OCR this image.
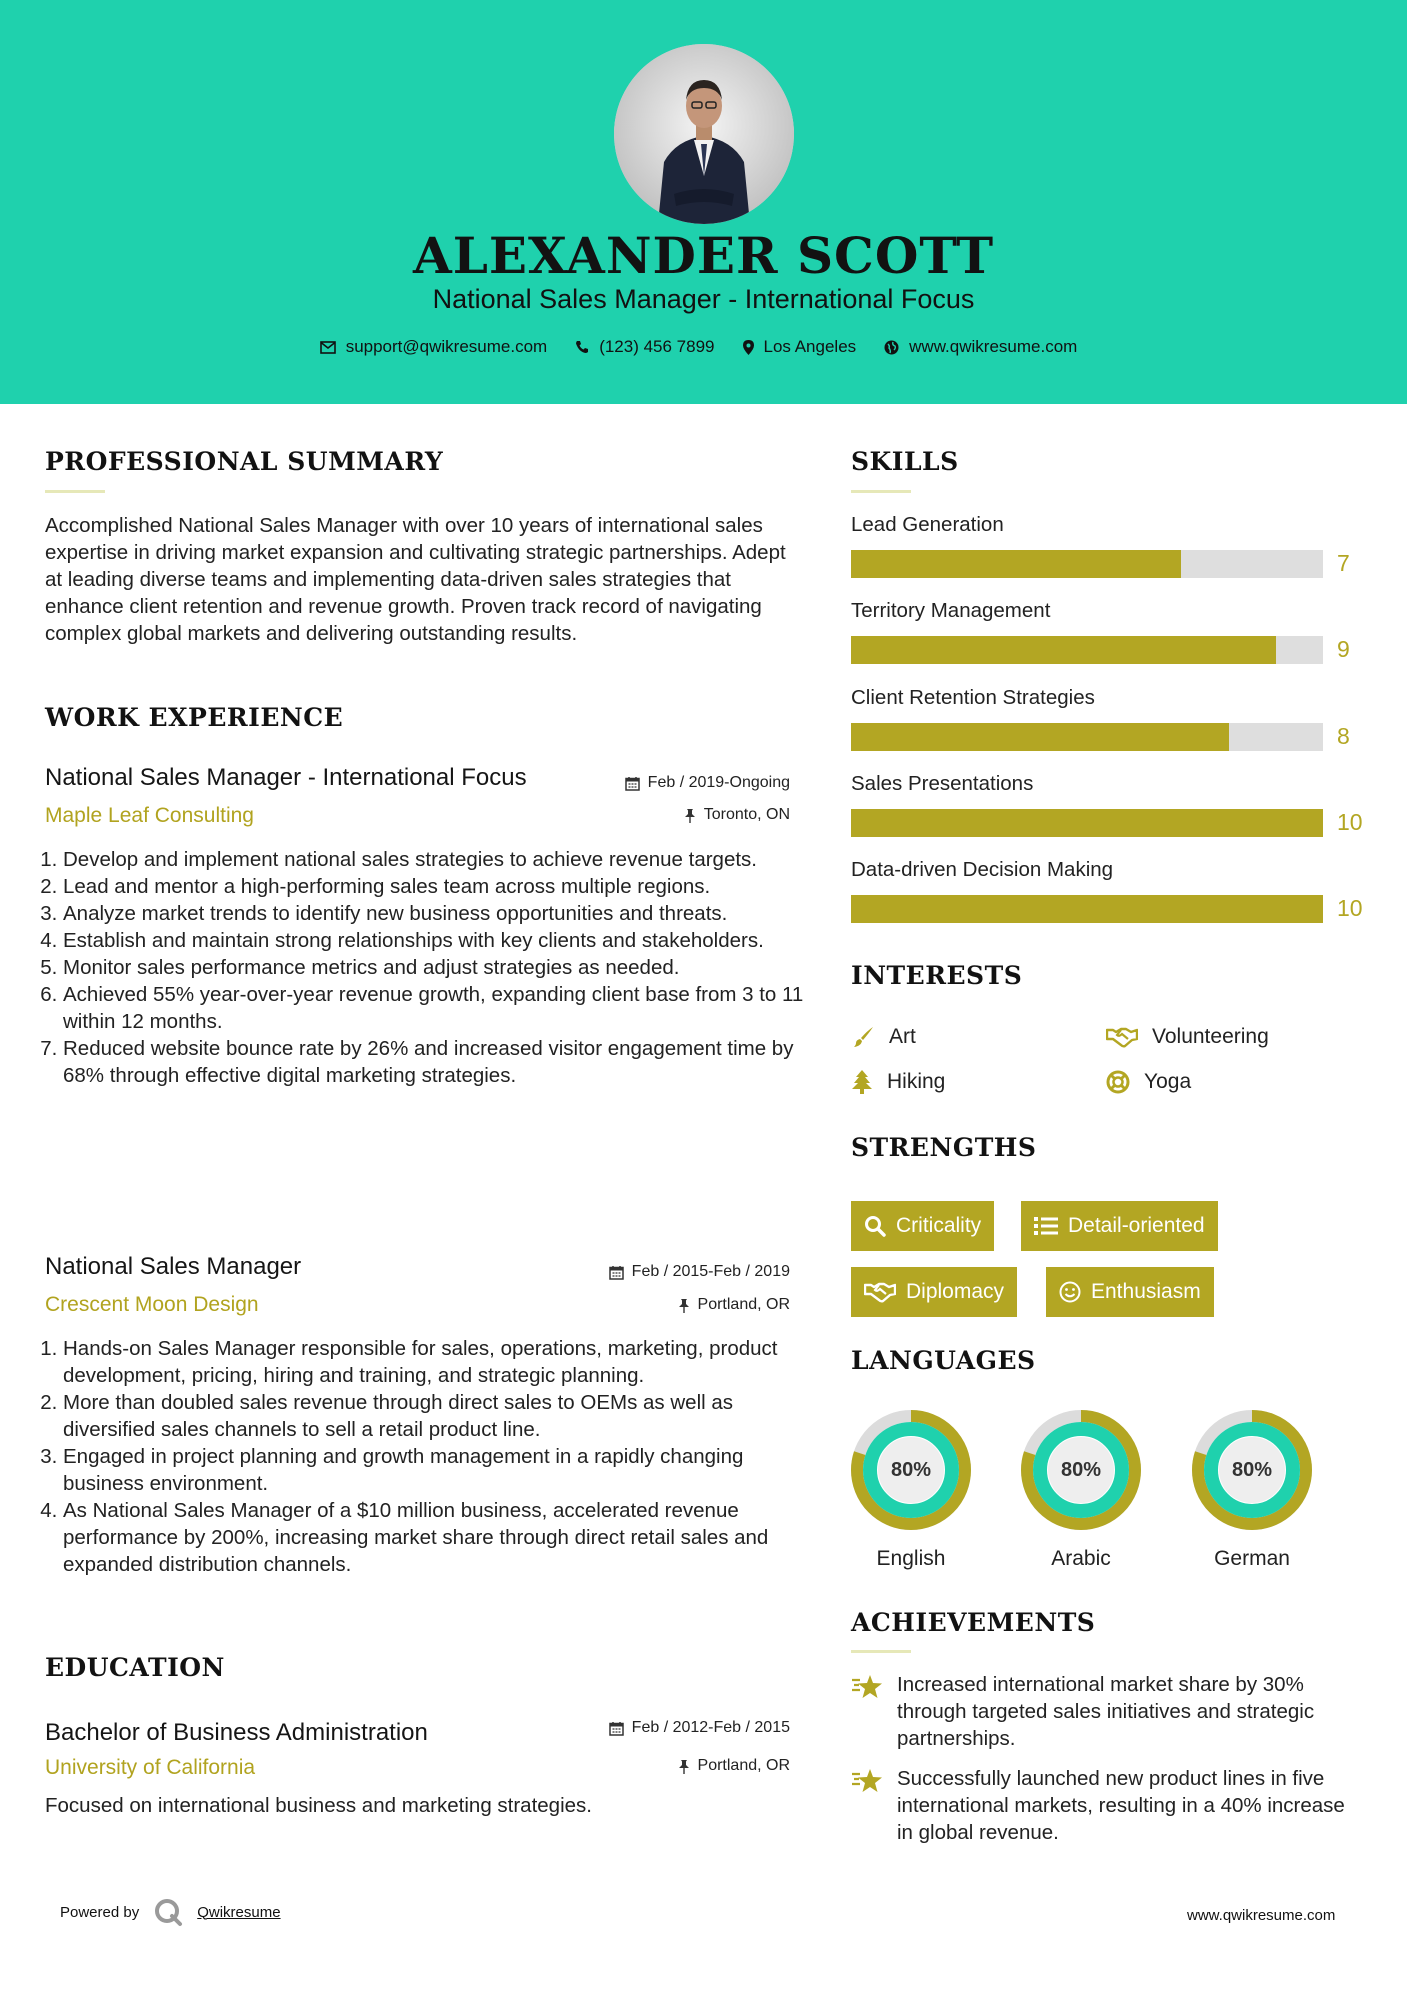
ALEXANDER SCOTT
National Sales Manager - International Focus
support@qwikresume.com	(123) 456 7899	Los Angeles	www.qwikresume.com
PROFESSIONAL SUMMARY
Accomplished National Sales Manager with over 10 years of international sales expertise in driving market expansion and cultivating strategic partnerships. Adept at leading diverse teams and implementing data-driven sales strategies that enhance client retention and revenue growth. Proven track record of navigating complex global markets and delivering outstanding results.
WORK EXPERIENCE
National Sales Manager - International Focus	Feb / 2019-Ongoing
Maple Leaf Consulting	Toronto, ON
1. Develop and implement national sales strategies to achieve revenue targets.
2. Lead and mentor a high-performing sales team across multiple regions.
3. Analyze market trends to identify new business opportunities and threats.
4. Establish and maintain strong relationships with key clients and stakeholders.
5. Monitor sales performance metrics and adjust strategies as needed.
6. Achieved 55% year-over-year revenue growth, expanding client base from 3 to 11 within 12 months.
7. Reduced website bounce rate by 26% and increased visitor engagement time by 68% through effective digital marketing strategies.
National Sales Manager	Feb / 2015-Feb / 2019
Crescent Moon Design	Portland, OR
1. Hands-on Sales Manager responsible for sales, operations, marketing, product development, pricing, hiring and training, and strategic planning.
2. More than doubled sales revenue through direct sales to OEMs as well as diversified sales channels to sell a retail product line.
3. Engaged in project planning and growth management in a rapidly changing business environment.
4. As National Sales Manager of a $10 million business, accelerated revenue performance by 200%, increasing market share through direct retail sales and expanded distribution channels.
EDUCATION
Bachelor of Business Administration	Feb / 2012-Feb / 2015
University of California	Portland, OR
Focused on international business and marketing strategies.
SKILLS
Lead Generation
7
Territory Management
9
Client Retention Strategies
8
Sales Presentations
10
Data-driven Decision Making
10
INTERESTS
Art	Volunteering
Hiking	Yoga
STRENGTHS
Criticality	Detail-oriented
Diplomacy	Enthusiasm
LANGUAGES
80%
English
80%
Arabic
80%
German
ACHIEVEMENTS
Increased international market share by 30% through targeted sales initiatives and strategic partnerships.
Successfully launched new product lines in five international markets, resulting in a 40% increase in global revenue.
Powered by	Qwikresume	www.qwikresume.com
